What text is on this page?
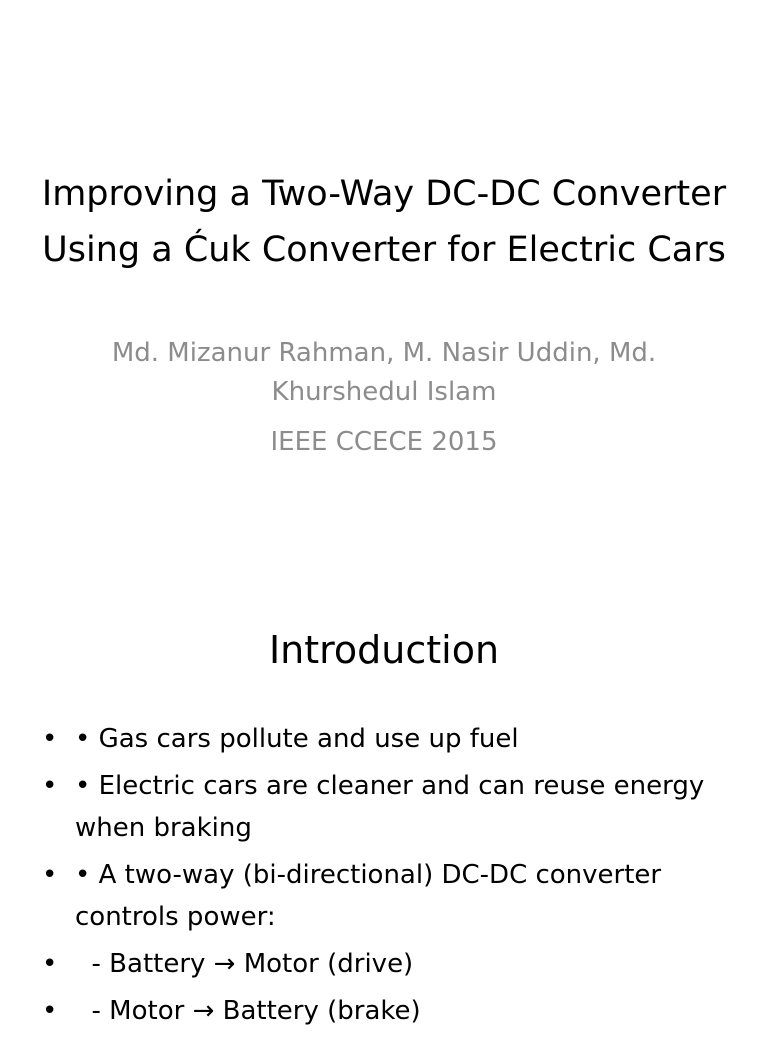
Improving a Two-Way DC-DC Converter Using a Ćuk Converter for Electric Cars
Md. Mizanur Rahman, M. Nasir Uddin, Md. Khurshedul Islam
IEEE CCECE 2015
Introduction
• • Gas cars pollute and use up fuel
• • Electric cars are cleaner and can reuse energy when braking
• • A two-way (bi-directional) DC-DC converter controls power:
•   - Battery → Motor (drive)
•   - Motor → Battery (brake)
